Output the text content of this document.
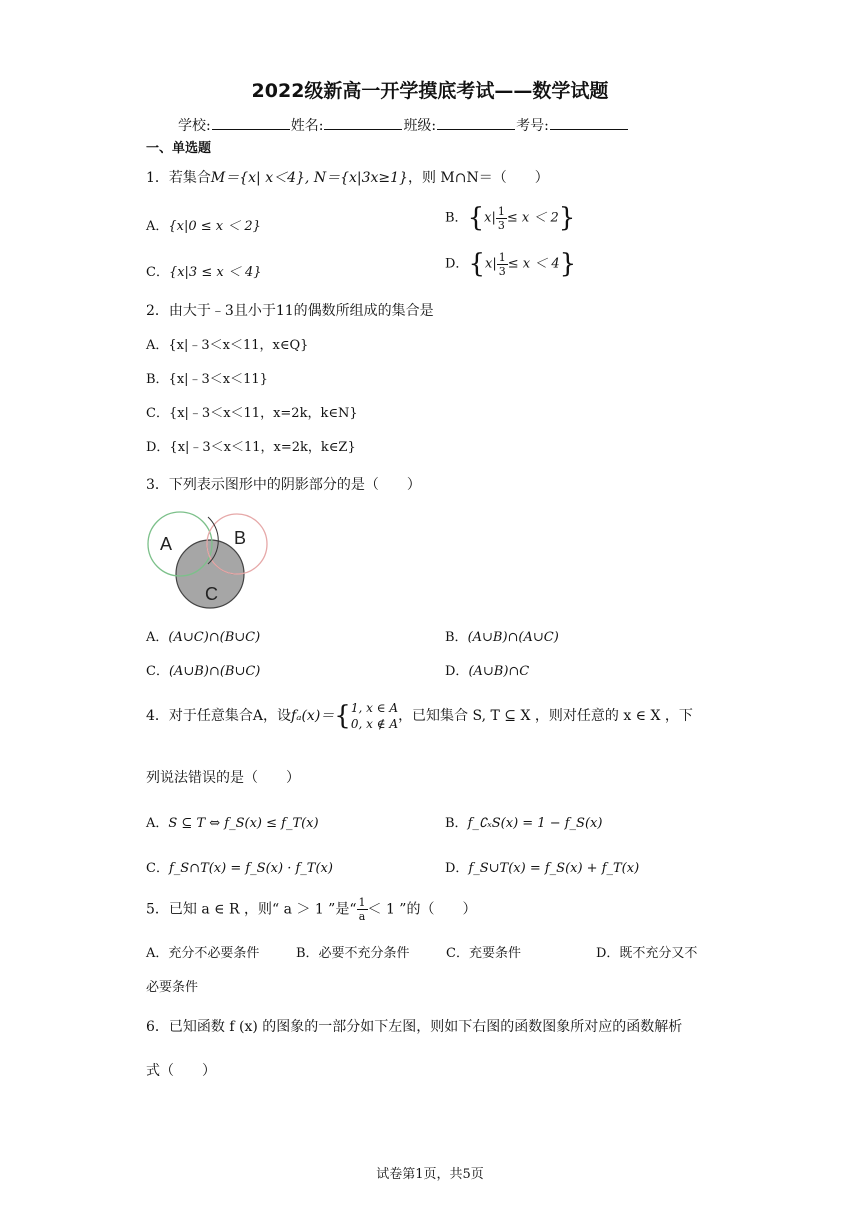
2022级新高一开学摸底考试——数学试题
学校:	姓名:	班级:	考号:
一、单选题
1．若集合M＝{x| x＜4}, N＝{x|3x≥1}，则 M∩N＝（　　）
A．{x|0 ≤ x ＜ 2}
B．$\{x| \frac{1}{3} \le x < 2\}$
C．{x|3 ≤ x ＜ 4}
D．$\{x| \frac{1}{3} \le x < 4\}$
2．由大于﹣3且小于11的偶数所组成的集合是
A．{x|﹣3＜x＜11，x∈Q}
B．{x|﹣3＜x＜11}
C．{x|﹣3＜x＜11，x=2k，k∈N}
D．{x|﹣3＜x＜11，x=2k，k∈Z}
3．下列表示图形中的阴影部分的是（　　）
A	B
C
A．(A∪C)∩(B∪C)	B．(A∪B)∩(A∪C)
C．(A∪B)∩(B∪C)	D．(A∪B)∩C
4．对于任意集合A，设fₐ(x)＝{1, x ∈ A
0, x ∉ A，已知集合 S, T ⊆ X ，则对任意的 x ∈ X ，下
列说法错误的是（　　）
A．S ⊆ T ⇔ f_S(x) ≤ f_T(x)	B．f_∁ₓS(x) = 1 − f_S(x)
C．f_S∩T(x) = f_S(x) · f_T(x)	D．f_S∪T(x) = f_S(x) + f_T(x)
5．已知 a ∈ R ，则“ a ＞ 1 ”是“ $\frac{1}{a} < 1$ ”的（　　）
A．充分不必要条件	B．必要不充分条件	C．充要条件	D．既不充分又不
必要条件
6．已知函数 f (x) 的图象的一部分如下左图，则如下右图的函数图象所对应的函数解析
式（　　）
试卷第1页，共5页
